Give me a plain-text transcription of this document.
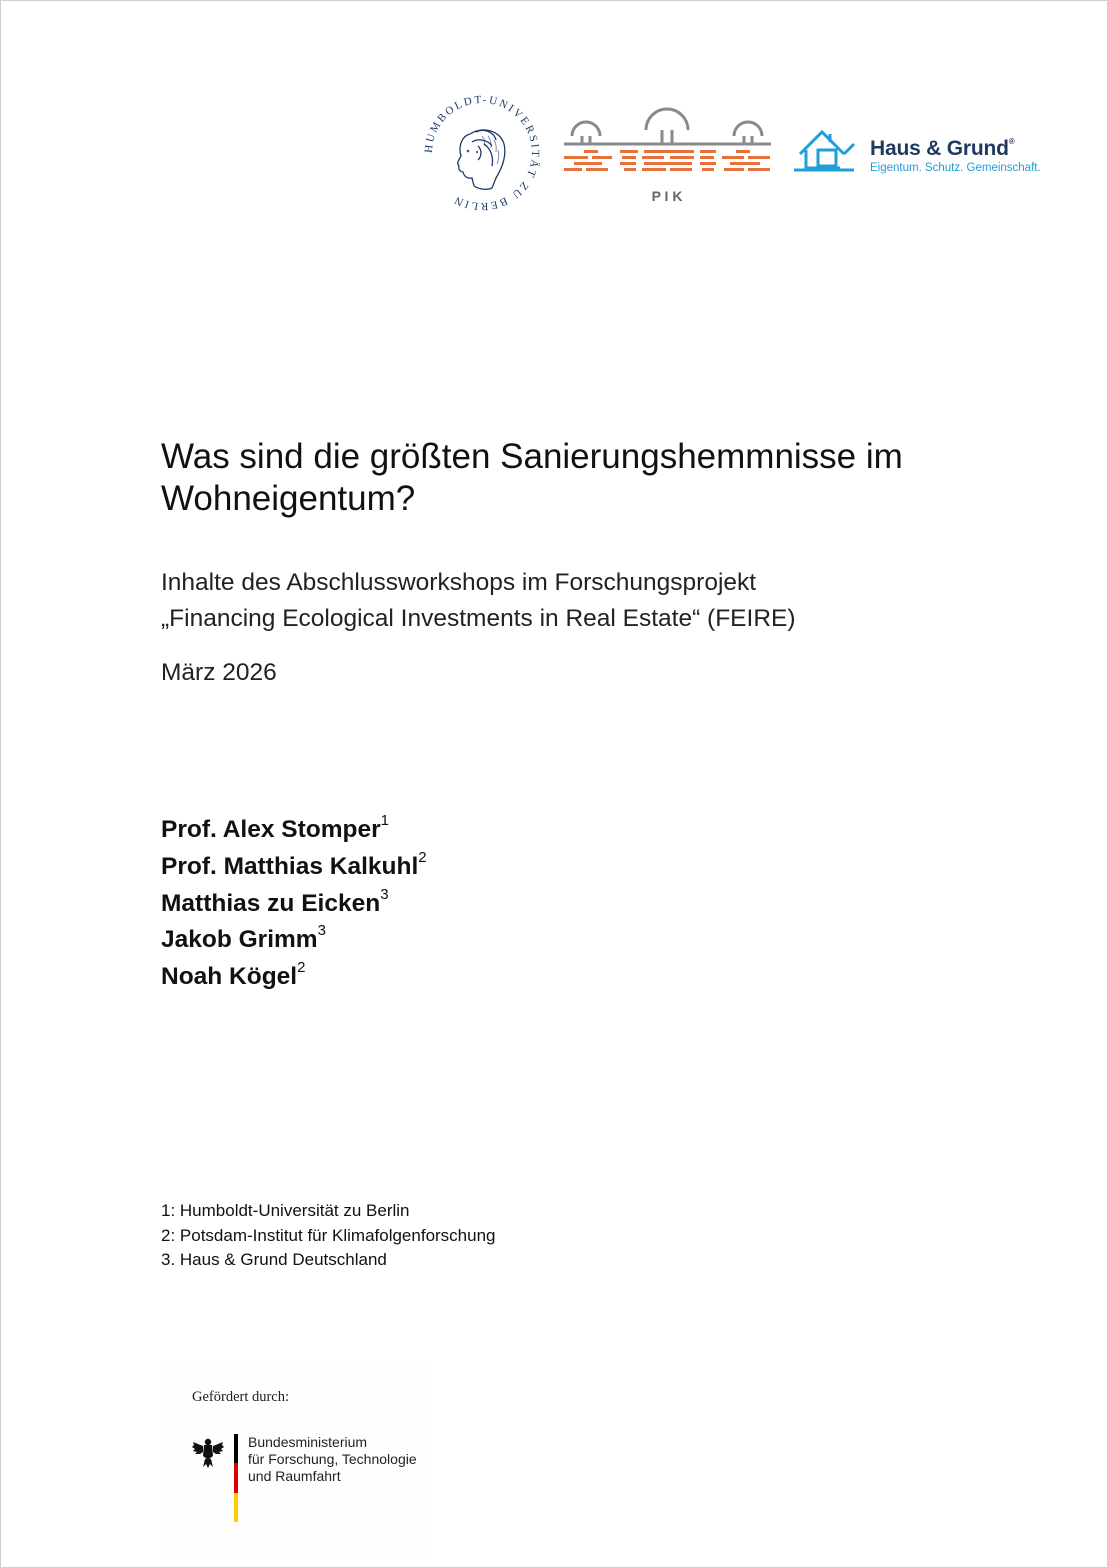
HUMBOLDT-UNIVERSITÄT ZU BERLIN	P I K
Haus & Grund®
Eigentum. Schutz. Gemeinschaft.
Was sind die größten Sanierungshemmnisse im Wohneigentum?
Inhalte des Abschlussworkshops im Forschungsprojekt
„Financing Ecological Investments in Real Estate“ (FEIRE)
März 2026
Prof. Alex Stomper$^1$
Prof. Matthias Kalkuhl$^2$
Matthias zu Eicken$^3$
Jakob Grimm$^3$
Noah Kögel$^2$
1: Humboldt-Universität zu Berlin
2: Potsdam-Institut für Klimafolgenforschung
3. Haus & Grund Deutschland
Gefördert durch:
Bundesministerium
für Forschung, Technologie
und Raumfahrt
